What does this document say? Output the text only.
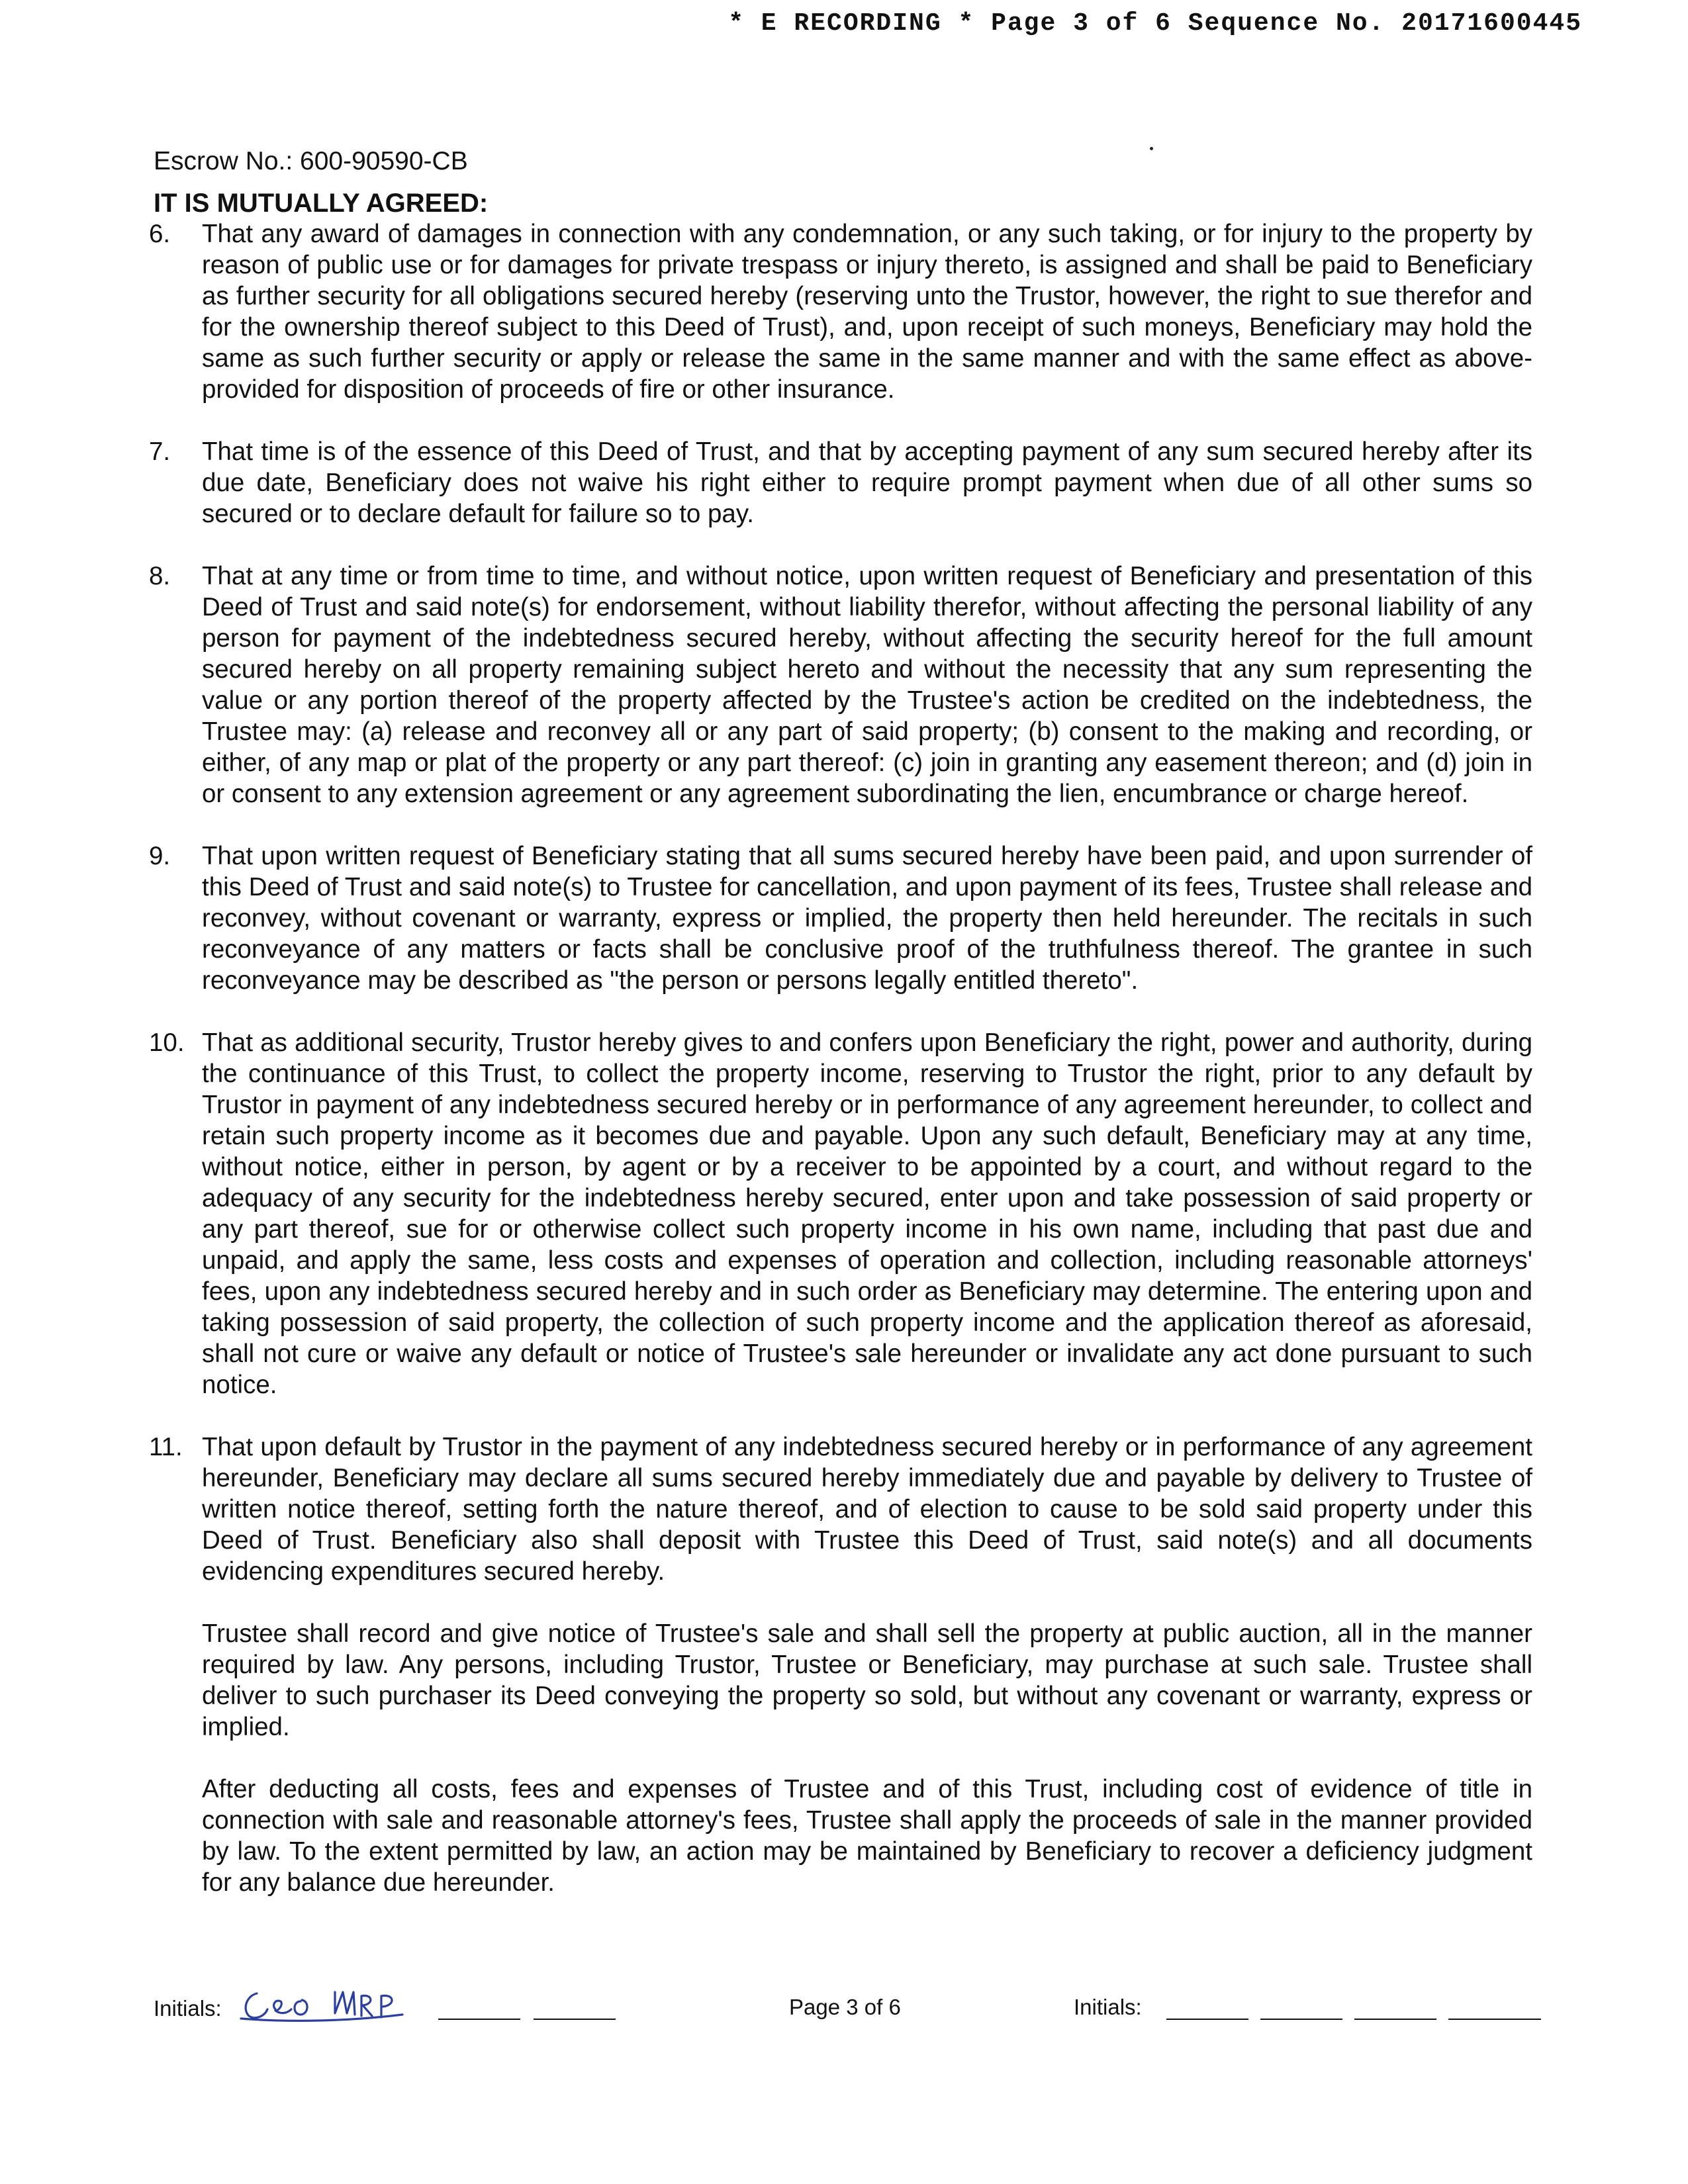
* E RECORDING * Page 3 of 6 Sequence No. 20171600445
Escrow No.: 600-90590-CB
IT IS MUTUALLY AGREED:
6. That any award of damages in connection with any condemnation, or any such taking, or for injury to the property by reason of public use or for damages for private trespass or injury thereto, is assigned and shall be paid to Beneficiary as further security for all obligations secured hereby (reserving unto the Trustor, however, the right to sue therefor and for the ownership thereof subject to this Deed of Trust), and, upon receipt of such moneys, Beneficiary may hold the same as such further security or apply or release the same in the same manner and with the same effect as above-provided for disposition of proceeds of fire or other insurance.
7. That time is of the essence of this Deed of Trust, and that by accepting payment of any sum secured hereby after its due date, Beneficiary does not waive his right either to require prompt payment when due of all other sums so secured or to declare default for failure so to pay.
8. That at any time or from time to time, and without notice, upon written request of Beneficiary and presentation of this Deed of Trust and said note(s) for endorsement, without liability therefor, without affecting the personal liability of any person for payment of the indebtedness secured hereby, without affecting the security hereof for the full amount secured hereby on all property remaining subject hereto and without the necessity that any sum representing the value or any portion thereof of the property affected by the Trustee's action be credited on the indebtedness, the Trustee may: (a) release and reconvey all or any part of said property; (b) consent to the making and recording, or either, of any map or plat of the property or any part thereof: (c) join in granting any easement thereon; and (d) join in or consent to any extension agreement or any agreement subordinating the lien, encumbrance or charge hereof.
9. That upon written request of Beneficiary stating that all sums secured hereby have been paid, and upon surrender of this Deed of Trust and said note(s) to Trustee for cancellation, and upon payment of its fees, Trustee shall release and reconvey, without covenant or warranty, express or implied, the property then held hereunder. The recitals in such reconveyance of any matters or facts shall be conclusive proof of the truthfulness thereof. The grantee in such reconveyance may be described as "the person or persons legally entitled thereto".
10. That as additional security, Trustor hereby gives to and confers upon Beneficiary the right, power and authority, during the continuance of this Trust, to collect the property income, reserving to Trustor the right, prior to any default by Trustor in payment of any indebtedness secured hereby or in performance of any agreement hereunder, to collect and retain such property income as it becomes due and payable. Upon any such default, Beneficiary may at any time, without notice, either in person, by agent or by a receiver to be appointed by a court, and without regard to the adequacy of any security for the indebtedness hereby secured, enter upon and take possession of said property or any part thereof, sue for or otherwise collect such property income in his own name, including that past due and unpaid, and apply the same, less costs and expenses of operation and collection, including reasonable attorneys' fees, upon any indebtedness secured hereby and in such order as Beneficiary may determine. The entering upon and taking possession of said property, the collection of such property income and the application thereof as aforesaid, shall not cure or waive any default or notice of Trustee's sale hereunder or invalidate any act done pursuant to such notice.
11. That upon default by Trustor in the payment of any indebtedness secured hereby or in performance of any agreement hereunder, Beneficiary may declare all sums secured hereby immediately due and payable by delivery to Trustee of written notice thereof, setting forth the nature thereof, and of election to cause to be sold said property under this Deed of Trust. Beneficiary also shall deposit with Trustee this Deed of Trust, said note(s) and all documents evidencing expenditures secured hereby.
Trustee shall record and give notice of Trustee's sale and shall sell the property at public auction, all in the manner required by law. Any persons, including Trustor, Trustee or Beneficiary, may purchase at such sale. Trustee shall deliver to such purchaser its Deed conveying the property so sold, but without any covenant or warranty, express or implied.
After deducting all costs, fees and expenses of Trustee and of this Trust, including cost of evidence of title in connection with sale and reasonable attorney's fees, Trustee shall apply the proceeds of sale in the manner provided by law. To the extent permitted by law, an action may be maintained by Beneficiary to recover a deficiency judgment for any balance due hereunder.
Initials:	Page 3 of 6	Initials:
